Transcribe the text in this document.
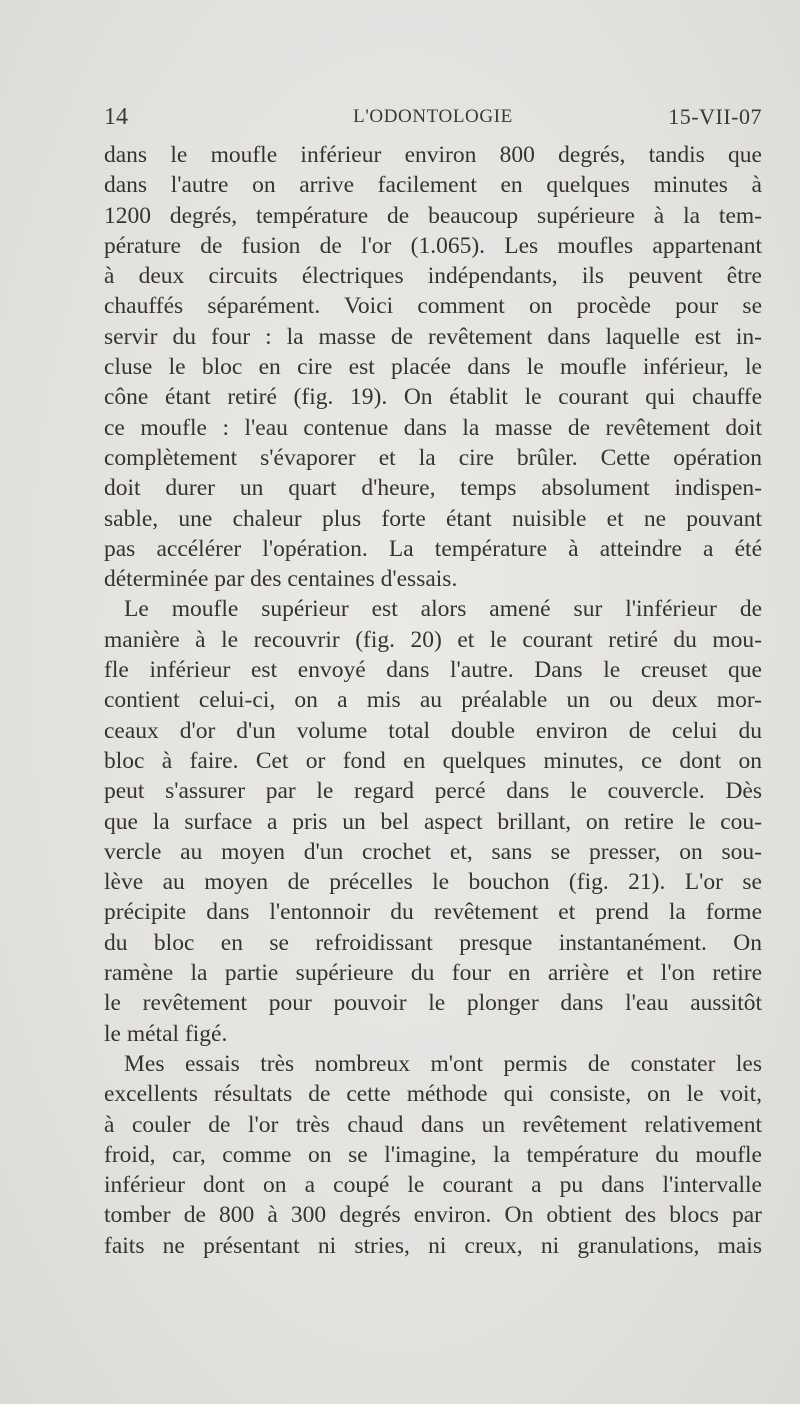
14	L'ODONTOLOGIE	15-VII-07
dans le moufle inférieur environ 800 degrés, tandis que
dans l'autre on arrive facilement en quelques minutes à
1200 degrés, température de beaucoup supérieure à la tem-
pérature de fusion de l'or (1.065). Les moufles appartenant
à deux circuits électriques indépendants, ils peuvent être
chauffés séparément. Voici comment on procède pour se
servir du four : la masse de revêtement dans laquelle est in-
cluse le bloc en cire est placée dans le moufle inférieur, le
cône étant retiré (fig. 19). On établit le courant qui chauffe
ce moufle : l'eau contenue dans la masse de revêtement doit
complètement s'évaporer et la cire brûler. Cette opération
doit durer un quart d'heure, temps absolument indispen-
sable, une chaleur plus forte étant nuisible et ne pouvant
pas accélérer l'opération. La température à atteindre a été
déterminée par des centaines d'essais.
Le moufle supérieur est alors amené sur l'inférieur de
manière à le recouvrir (fig. 20) et le courant retiré du mou-
fle inférieur est envoyé dans l'autre. Dans le creuset que
contient celui-ci, on a mis au préalable un ou deux mor-
ceaux d'or d'un volume total double environ de celui du
bloc à faire. Cet or fond en quelques minutes, ce dont on
peut s'assurer par le regard percé dans le couvercle. Dès
que la surface a pris un bel aspect brillant, on retire le cou-
vercle au moyen d'un crochet et, sans se presser, on sou-
lève au moyen de précelles le bouchon (fig. 21). L'or se
précipite dans l'entonnoir du revêtement et prend la forme
du bloc en se refroidissant presque instantanément. On
ramène la partie supérieure du four en arrière et l'on retire
le revêtement pour pouvoir le plonger dans l'eau aussitôt
le métal figé.
Mes essais très nombreux m'ont permis de constater les
excellents résultats de cette méthode qui consiste, on le voit,
à couler de l'or très chaud dans un revêtement relativement
froid, car, comme on se l'imagine, la température du moufle
inférieur dont on a coupé le courant a pu dans l'intervalle
tomber de 800 à 300 degrés environ. On obtient des blocs par
faits ne présentant ni stries, ni creux, ni granulations, mais
